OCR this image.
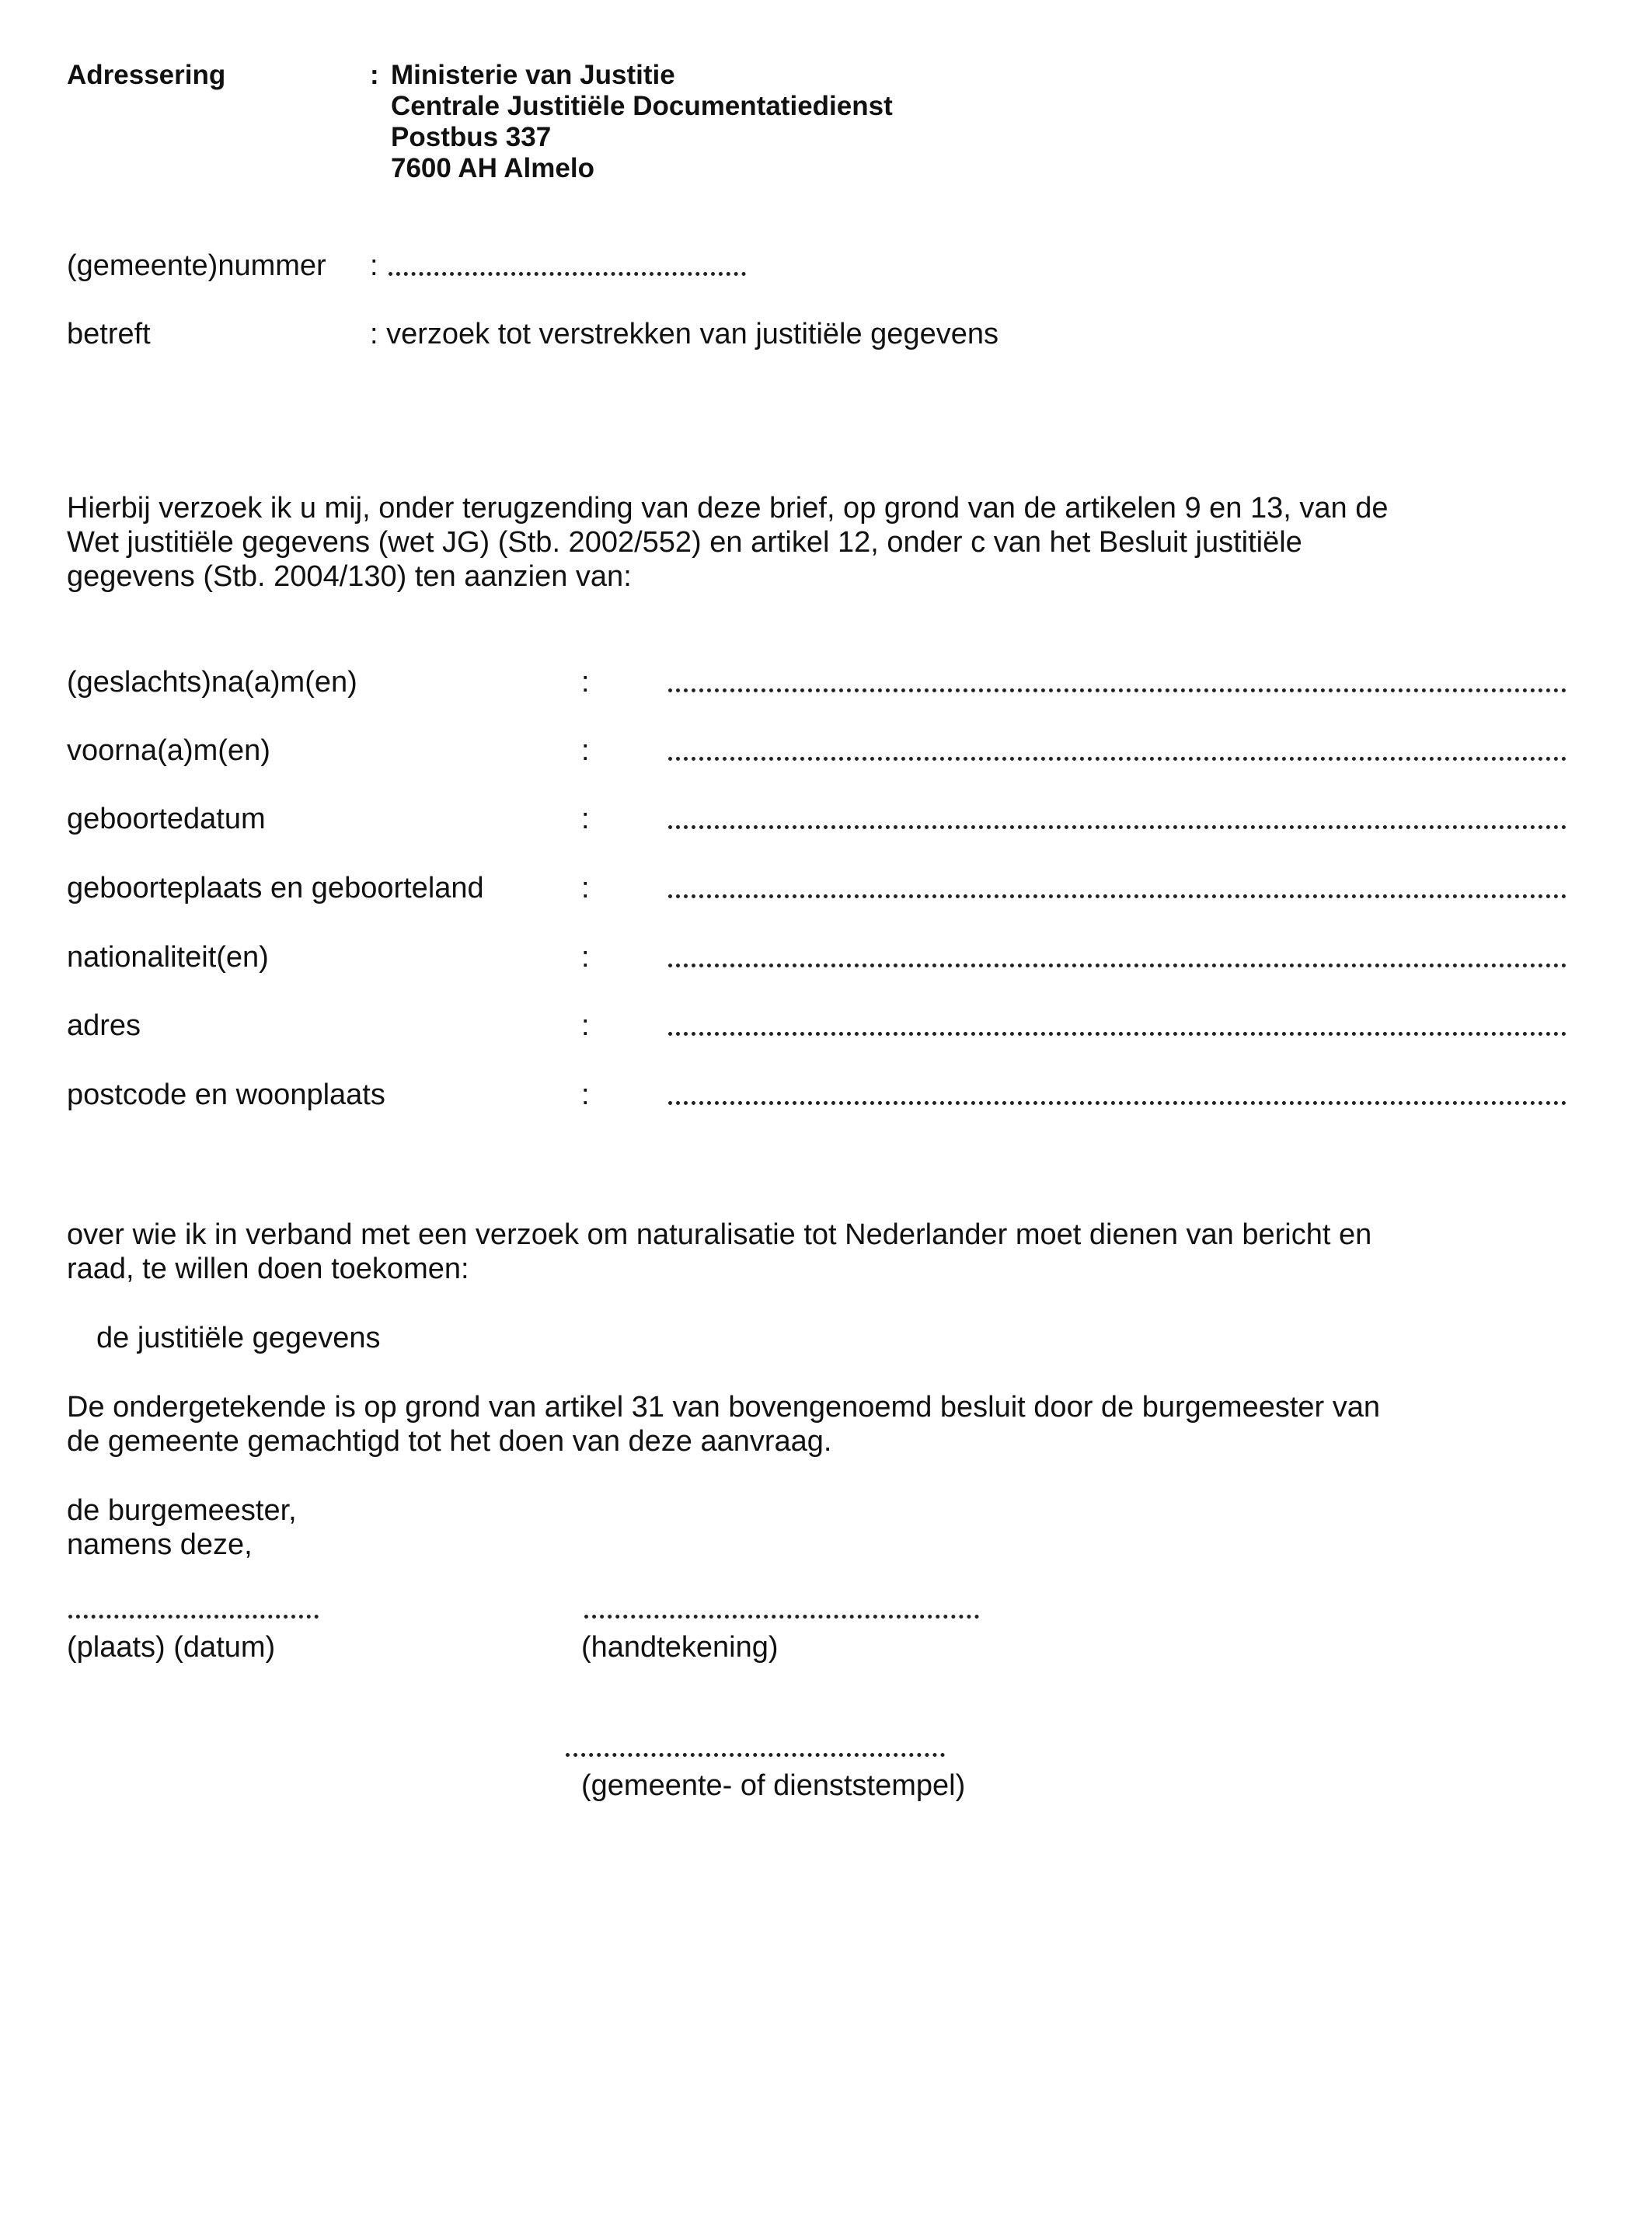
Adressering	: Ministerie van Justitie
Centrale Justitiële Documentatiedienst
Postbus 337
7600 AH Almelo
(gemeente)nummer :
betreft	: verzoek tot verstrekken van justitiële gegevens
Hierbij verzoek ik u mij, onder terugzending van deze brief, op grond van de artikelen 9 en 13, van de
Wet justitiële gegevens (wet JG) (Stb. 2002/552) en artikel 12, onder c van het Besluit justitiële
gegevens (Stb. 2004/130) ten aanzien van:
(geslachts)na(a)m(en)	:
voorna(a)m(en)	:
geboortedatum	:
geboorteplaats en geboorteland	:
nationaliteit(en)	:
adres	:
postcode en woonplaats	:
over wie ik in verband met een verzoek om naturalisatie tot Nederlander moet dienen van bericht en
raad, te willen doen toekomen:
de justitiële gegevens
De ondergetekende is op grond van artikel 31 van bovengenoemd besluit door de burgemeester van
de gemeente gemachtigd tot het doen van deze aanvraag.
de burgemeester,
namens deze,
(plaats) (datum)	(handtekening)
(gemeente- of dienststempel)
